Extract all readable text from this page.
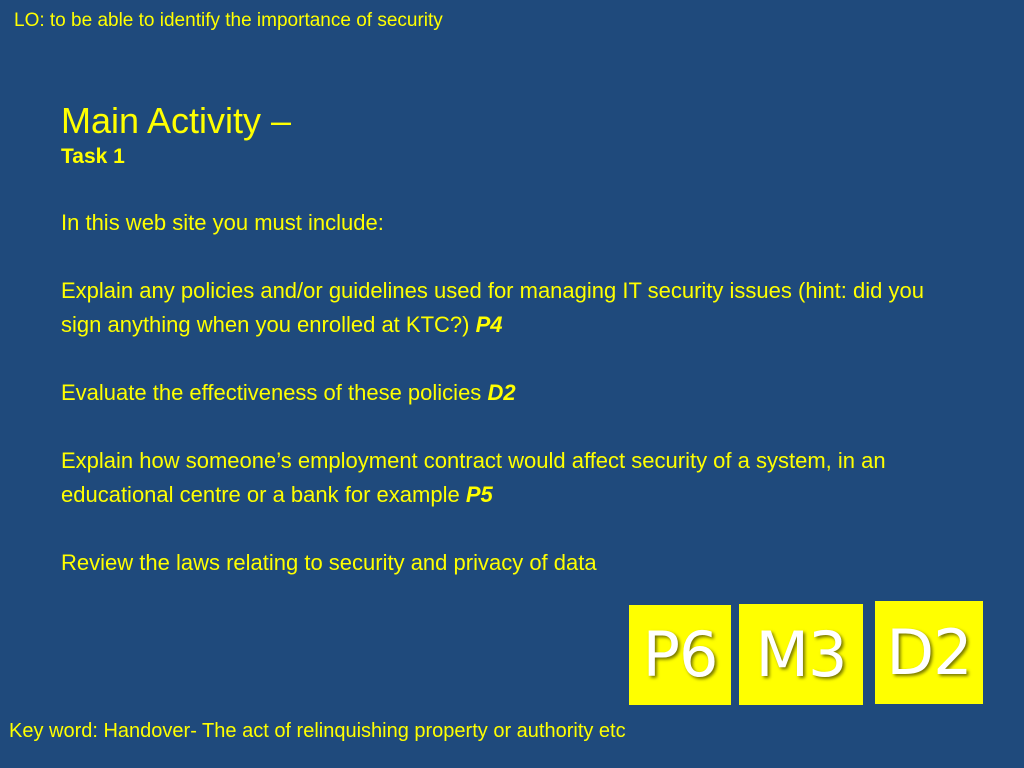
LO: to be able to identify the importance of security

Main Activity –

Task 1

In this web site you must include:

Explain any policies and/or guidelines used for managing IT security issues (hint: did you sign anything when you enrolled at KTC?) P4

Evaluate the effectiveness of these policies D2

Explain how someone’s employment contract would affect security of a system, in an educational centre or a bank for example P5

Review the laws relating to security and privacy of data

P6 M3 D2
Key word: Handover- The act of relinquishing property or authority etc
